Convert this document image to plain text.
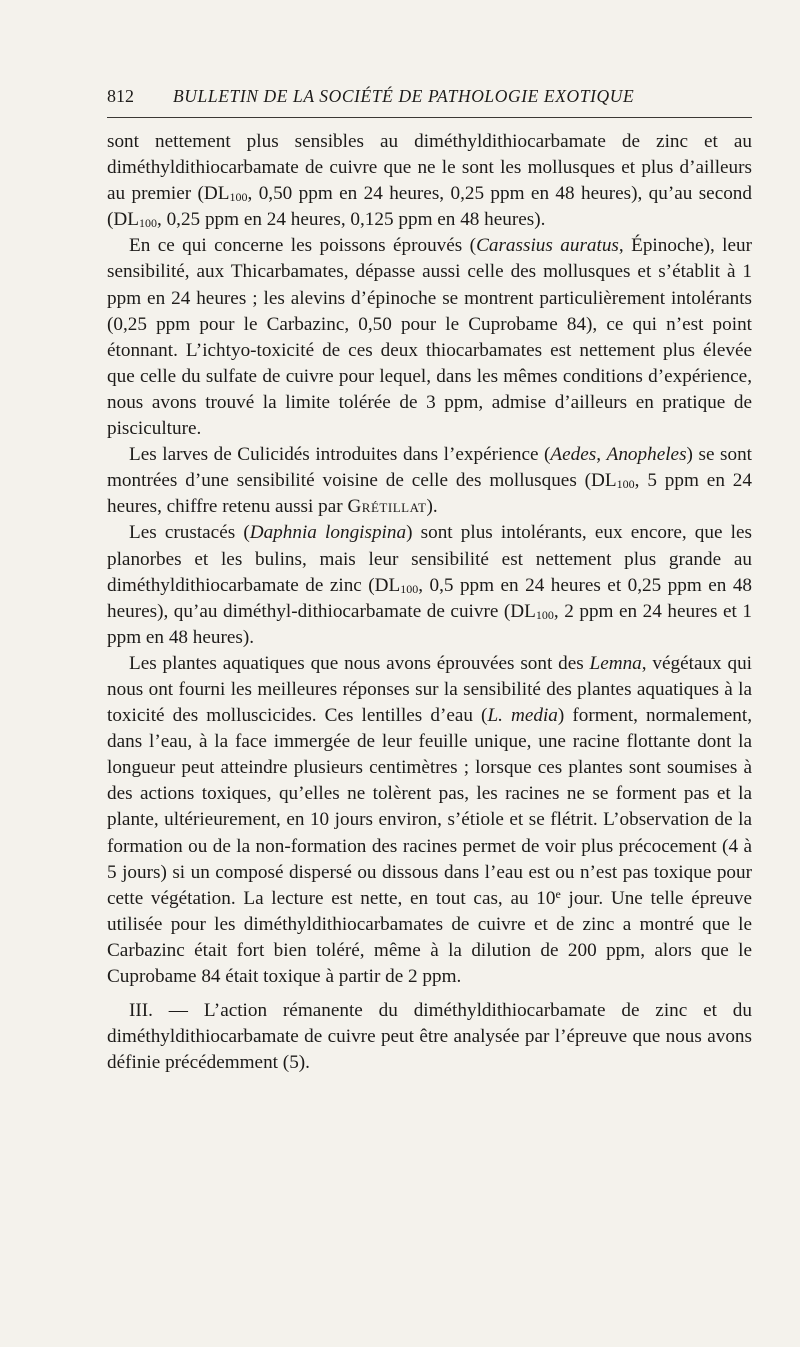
812 BULLETIN DE LA SOCIÉTÉ DE PATHOLOGIE EXOTIQUE

sont nettement plus sensibles au diméthyldithiocarbamate de zinc et au diméthyldithiocarbamate de cuivre que ne le sont les mollusques et plus d’ailleurs au premier ($DL_{100}$, 0,50 ppm en 24 heures, 0,25 ppm en 48 heures), qu’au second ($DL_{100}$, 0,25 ppm en 24 heures, 0,125 ppm en 48 heures).

En ce qui concerne les poissons éprouvés (Carassius auratus, Épinoche), leur sensibilité, aux Thicarbamates, dépasse aussi celle des mollusques et s’établit à 1 ppm en 24 heures ; les alevins d’épinoche se montrent particulièrement intolérants (0,25 ppm pour le Carbazinc, 0,50 pour le Cuprobame 84), ce qui n’est point étonnant. L’ichtyo-toxicité de ces deux thiocarbamates est nettement plus élevée que celle du sulfate de cuivre pour lequel, dans les mêmes conditions d’expérience, nous avons trouvé la limite tolérée de 3 ppm, admise d’ailleurs en pratique de pisciculture.

Les larves de Culicidés introduites dans l’expérience (Aedes, Anopheles) se sont montrées d’une sensibilité voisine de celle des mollusques ($DL_{100}$, 5 ppm en 24 heures, chiffre retenu aussi par Grétillat).

Les crustacés (Daphnia longispina) sont plus intolérants, eux encore, que les planorbes et les bulins, mais leur sensibilité est nettement plus grande au diméthyldithiocarbamate de zinc ($DL_{100}$, 0,5 ppm en 24 heures et 0,25 ppm en 48 heures), qu’au diméthyl-dithiocarbamate de cuivre ($DL_{100}$, 2 ppm en 24 heures et 1 ppm en 48 heures).

Les plantes aquatiques que nous avons éprouvées sont des Lemna, végétaux qui nous ont fourni les meilleures réponses sur la sensibilité des plantes aquatiques à la toxicité des molluscicides. Ces lentilles d’eau (L. media) forment, normalement, dans l’eau, à la face immergée de leur feuille unique, une racine flottante dont la longueur peut atteindre plusieurs centimètres ; lorsque ces plantes sont soumises à des actions toxiques, qu’elles ne tolèrent pas, les racines ne se forment pas et la plante, ultérieurement, en 10 jours environ, s’étiole et se flétrit. L’observation de la formation ou de la non-formation des racines permet de voir plus précocement (4 à 5 jours) si un composé dispersé ou dissous dans l’eau est ou n’est pas toxique pour cette végétation. La lecture est nette, en tout cas, au 10e jour. Une telle épreuve utilisée pour les diméthyldithiocarbamates de cuivre et de zinc a montré que le Carbazinc était fort bien toléré, même à la dilution de 200 ppm, alors que le Cuprobame 84 était toxique à partir de 2 ppm.

III. — L’action rémanente du diméthyldithiocarbamate de zinc et du diméthyldithiocarbamate de cuivre peut être analysée par l’épreuve que nous avons définie précédemment (5).
